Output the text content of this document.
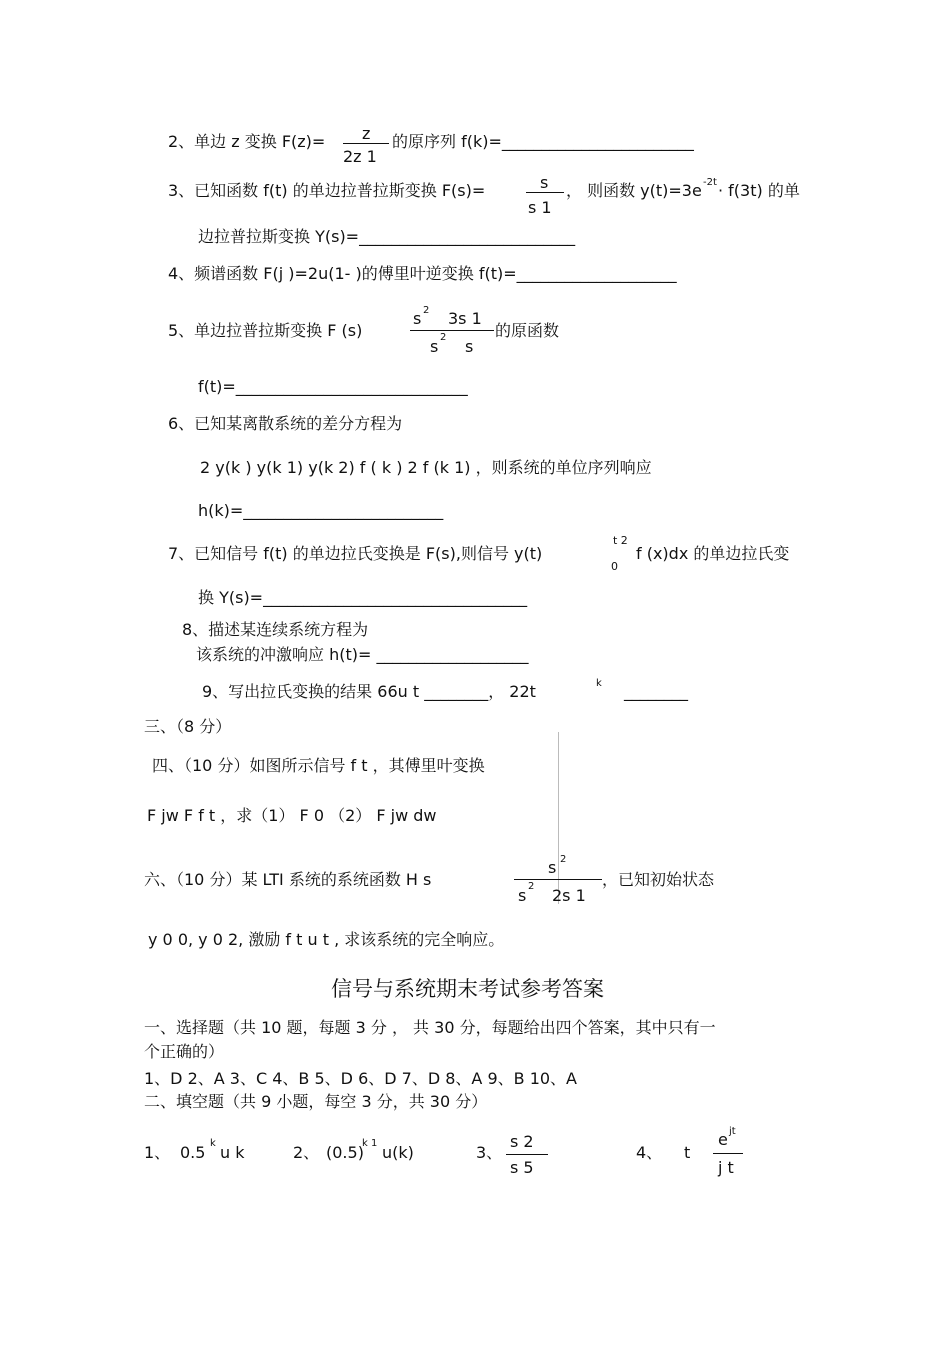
2、单边 z 变换 F(z)= z
2z 1
的原序列 f(k)=________________________
3、已知函数 f(t) 的单边拉普拉斯变换 F(s)=	s
s 1
， 则函数 y(t)=3e -2t · f(3t) 的单
边拉普拉斯变换 Y(s)=___________________________
4、频谱函数 F(j )=2u(1- )的傅里叶逆变换 f(t)=____________________
5、单边拉普拉斯变换 F (s)
s 2 3s 1
s 2 s
的原函数
f(t)=_____________________________
6、已知某离散系统的差分方程为
2 y(k ) y(k 1) y(k 2) f ( k ) 2 f (k 1) ，则系统的单位序列响应
h(k)=_________________________
7、已知信号 f(t) 的单边拉氏变换是 F(s),则信号 y(t)
t 2
0
f (x)dx 的单边拉氏变
换 Y(s)=_________________________________
8、描述某连续系统方程为
该系统的冲激响应 h(t)= ___________________
9、写出拉氏变换的结果 66u t ________， 22t	k ________
三、（8 分）
四、（10 分）如图所示信号 f t ，其傅里叶变换
F jw F f t ，求（1） F 0 （2） F jw dw
六、（10 分）某 LTI 系统的系统函数 H s
s 2
s 2 2s 1
，已知初始状态
y 0 0, y 0 2, 激励 f t u t , 求该系统的完全响应。
信号与系统期末考试参考答案
一、选择题（共 10 题，每题 3 分 ， 共 30 分，每题给出四个答案，其中只有一
个正确的）
1、D 2、A 3、C 4、B 5、D 6、D 7、D 8、A 9、B 10、A
二、填空题（共 9 小题，每空 3 分，共 30 分）
1、 0.5 k u k	2、 (0.5)
k 1 u(k)	3、
s 2
s 5
4、 t
e jt
j t
